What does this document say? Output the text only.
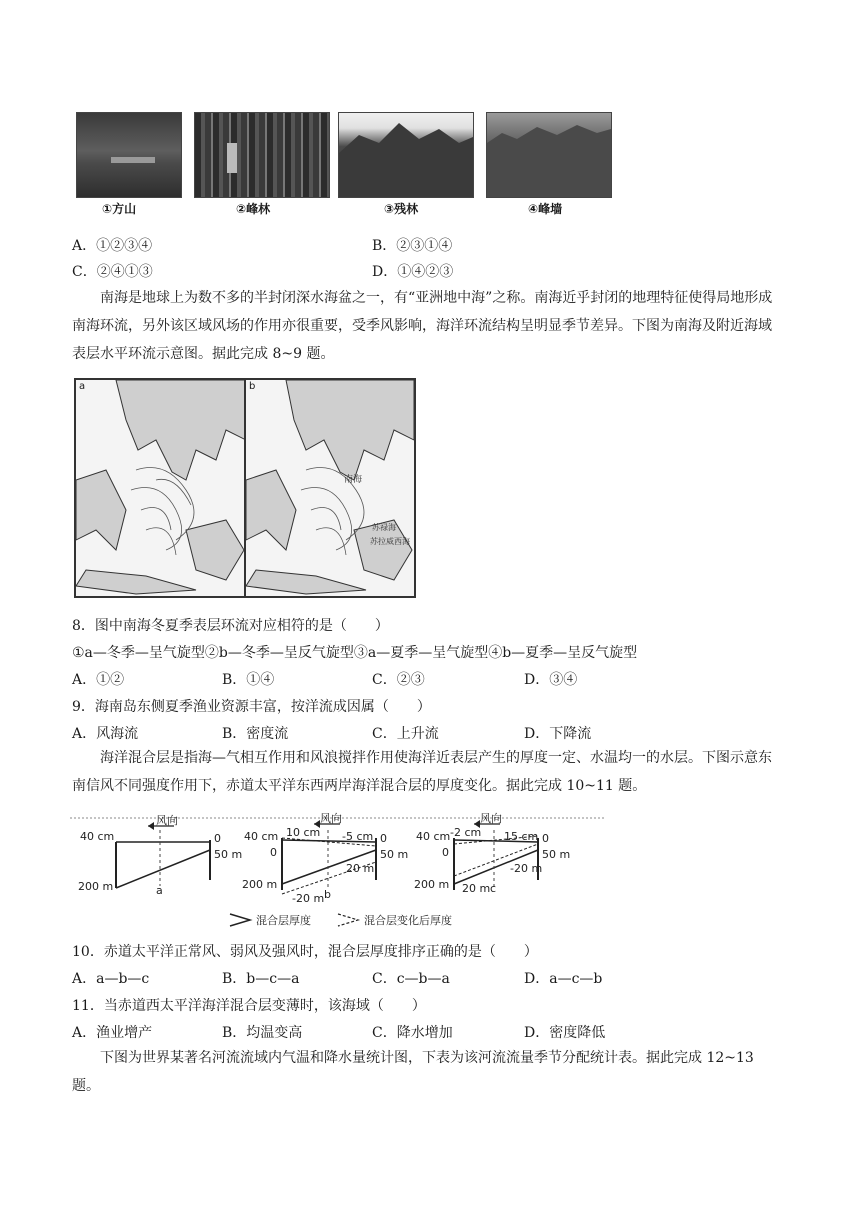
①方山	②峰林	③残林	④峰墙
A．①②③④	B．②③①④
C．②④①③	D．①④②③
南海是地球上为数不多的半封闭深水海盆之一，有“亚洲地中海”之称。南海近乎封闭的地理特征使得局地形成南海环流，另外该区域风场的作用亦很重要，受季风影响，海洋环流结构呈明显季节差异。下图为南海及附近海域表层水平环流示意图。据此完成 8~9 题。
a	b
南海
苏禄海
苏拉威西海
8．图中南海冬夏季表层环流对应相符的是（　　）
①a—冬季—呈气旋型②b—冬季—呈反气旋型③a—夏季—呈气旋型④b—夏季—呈反气旋型
A．①②	B．①④	C．②③	D．③④
9．海南岛东侧夏季渔业资源丰富，按洋流成因属（　　）
A．风海流	B．密度流	C．上升流	D．下降流
海洋混合层是指海—气相互作用和风浪搅拌作用使海洋近表层产生的厚度一定、水温均一的水层。下图示意东南信风不同强度作用下，赤道太平洋东西两岸海洋混合层的厚度变化。据此完成 10~11 题。
风向
40 cm
200 m
0
50 m
a
风向
40 cm
0
200 m
10 cm -5 cm 0
50 m
20 m
-20 m b
风向
40 cm
0
200 m
-2 cm 15 cm 0
50 m
-20 m
20 m c
混合层厚度	混合层变化后厚度
10．赤道太平洋正常风、弱风及强风时，混合层厚度排序正确的是（　　）
A．a—b—c	B．b—c—a	C．c—b—a	D．a—c—b
11．当赤道西太平洋海洋混合层变薄时，该海域（　　）
A．渔业增产	B．均温变高	C．降水增加	D．密度降低
下图为世界某著名河流流域内气温和降水量统计图，下表为该河流流量季节分配统计表。据此完成 12~13 题。
